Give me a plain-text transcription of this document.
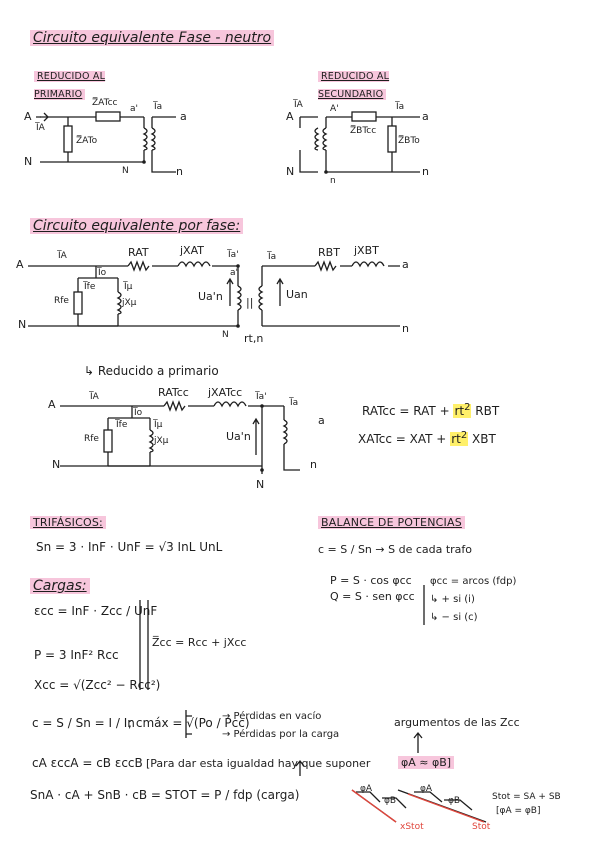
Circuito equivalente Fase - neutro
REDUCIDO AL PRIMARIO
REDUCIDO AL SECUNDARIO
A
I̅A
Z̅ATcc
Z̅ATo
a' I̅a
a
N
N	n
A
I̅A	A'
Z̅BTcc
Z̅BTo
I̅a
a
N
n
n
Circuito equivalente por fase:
A
I̅A
I̅o
I̅fe	I̅μ
Rfe	jXμ
RAT	jXAT	I̅a'
a'
Ua'n ||
I̅a	RBT jXBT
a
Uan
N
N rt,n
n
↳ Reducido a primario
A
I̅A
I̅o
I̅fe	I̅μ
Rfe	jXμ
RATcc jXATcc I̅a'
Ua'n
I̅a
a
N
N
n
RATcc = RAT + $rt^2$ RBT
XATcc = XAT + $rt^2$ XBT
TRIFÁSICOS:
Sn = 3 · InF · UnF = √3 InL UnL
BALANCE DE POTENCIAS
c = S / Sn → S de cada trafo
P = S · cos φcc
Q = S · sen φcc
φcc = arcos (fdp)
↳ + si (i)
↳ − si (c)
Cargas:
εcc = InF · Zcc / UnF
P = 3 InF² Rcc
Xcc = √(Zcc² − Rcc²)
Z̅cc = Rcc + jXcc
c = S / Sn = I / In
; cmáx = √(Po / Pcc)
→ Pérdidas en vacío
→ Pérdidas por la carga
argumentos de las Zcc
cA εccA = cB εccB [Para dar esta igualdad hay que suponer	φA ≈ φB]
SnA · cA + SnB · cB = STOT = P / fdp (carga)	Stot = SA + SB
[φA = φB]
xStot	Stot
φA
φB
φA
φB
